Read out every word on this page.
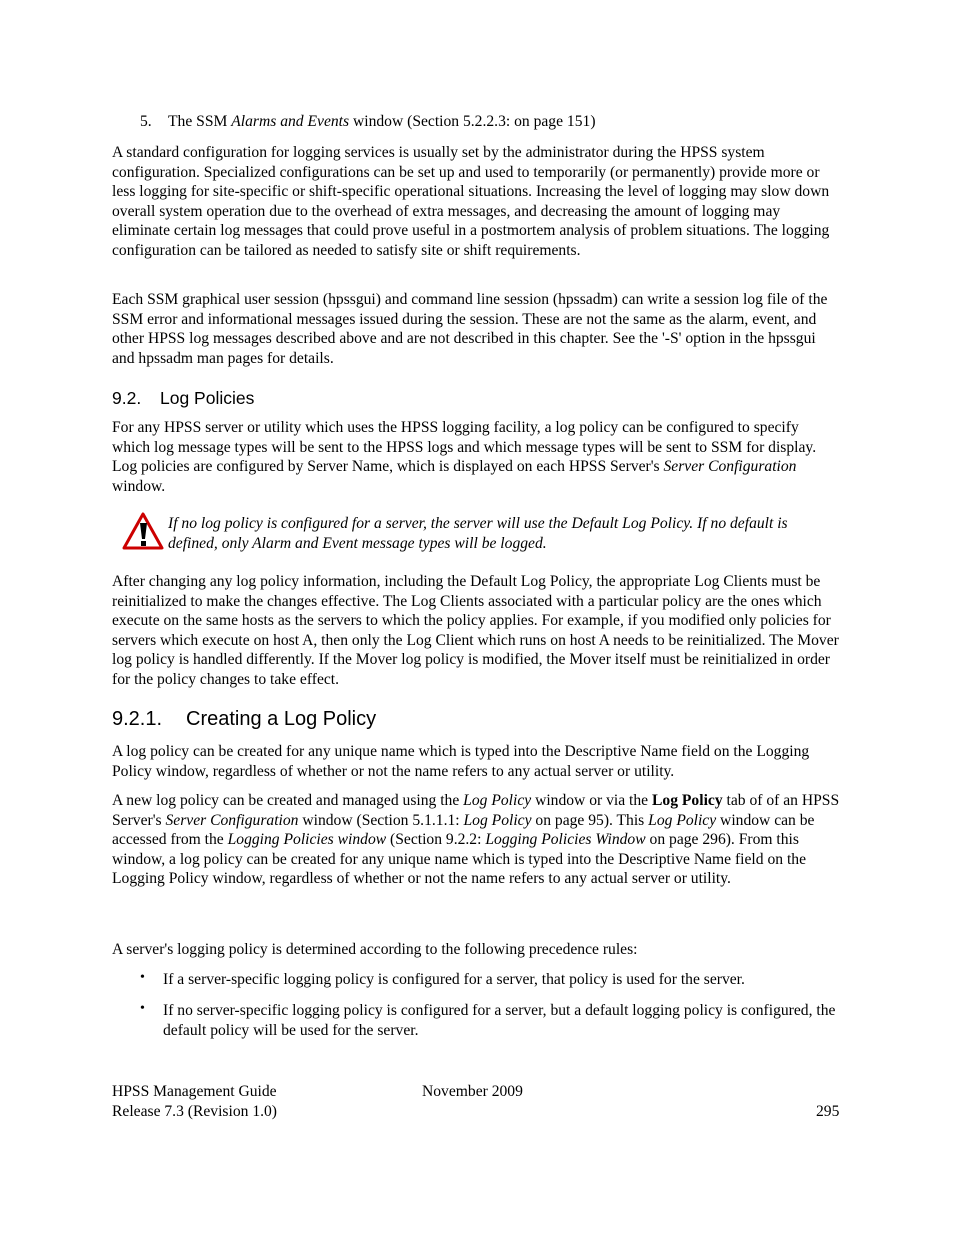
5. The SSM Alarms and Events window (Section 5.2.2.3: on page 151)

A standard configuration for logging services is usually set by the administrator during the HPSS system configuration. Specialized configurations can be set up and used to temporarily (or permanently) provide more or less logging for site-specific or shift-specific operational situations. Increasing the level of logging may slow down overall system operation due to the overhead of extra messages, and decreasing the amount of logging may eliminate certain log messages that could prove useful in a postmortem analysis of problem situations. The logging configuration can be tailored as needed to satisfy site or shift requirements.

Each SSM graphical user session (hpssgui) and command line session (hpssadm) can write a session log file of the SSM error and informational messages issued during the session. These are not the same as the alarm, event, and other HPSS log messages described above and are not described in this chapter. See the '-S' option in the hpssgui and hpssadm man pages for details.

9.2. Log Policies

For any HPSS server or utility which uses the HPSS logging facility, a log policy can be configured to specify which log message types will be sent to the HPSS logs and which message types will be sent to SSM for display. Log policies are configured by Server Name, which is displayed on each HPSS Server's Server Configuration window.

If no log policy is configured for a server, the server will use the Default Log Policy. If no default is defined, only Alarm and Event message types will be logged.

After changing any log policy information, including the Default Log Policy, the appropriate Log Clients must be reinitialized to make the changes effective. The Log Clients associated with a particular policy are the ones which execute on the same hosts as the servers to which the policy applies. For example, if you modified only policies for servers which execute on host A, then only the Log Client which runs on host A needs to be reinitialized. The Mover log policy is handled differently. If the Mover log policy is modified, the Mover itself must be reinitialized in order for the policy changes to take effect.

9.2.1. Creating a Log Policy

A log policy can be created for any unique name which is typed into the Descriptive Name field on the Logging Policy window, regardless of whether or not the name refers to any actual server or utility.

A new log policy can be created and managed using the Log Policy window or via the Log Policy tab of of an HPSS Server's Server Configuration window (Section 5.1.1.1: Log Policy on page 95). This Log Policy window can be accessed from the Logging Policies window (Section 9.2.2: Logging Policies Window on page 296). From this window, a log policy can be created for any unique name which is typed into the Descriptive Name field on the Logging Policy window, regardless of whether or not the name refers to any actual server or utility.

A server's logging policy is determined according to the following precedence rules:

• If a server-specific logging policy is configured for a server, that policy is used for the server.

• If no server-specific logging policy is configured for a server, but a default logging policy is configured, the default policy will be used for the server.

HPSS Management Guide
Release 7.3 (Revision 1.0)
November 2009
295
